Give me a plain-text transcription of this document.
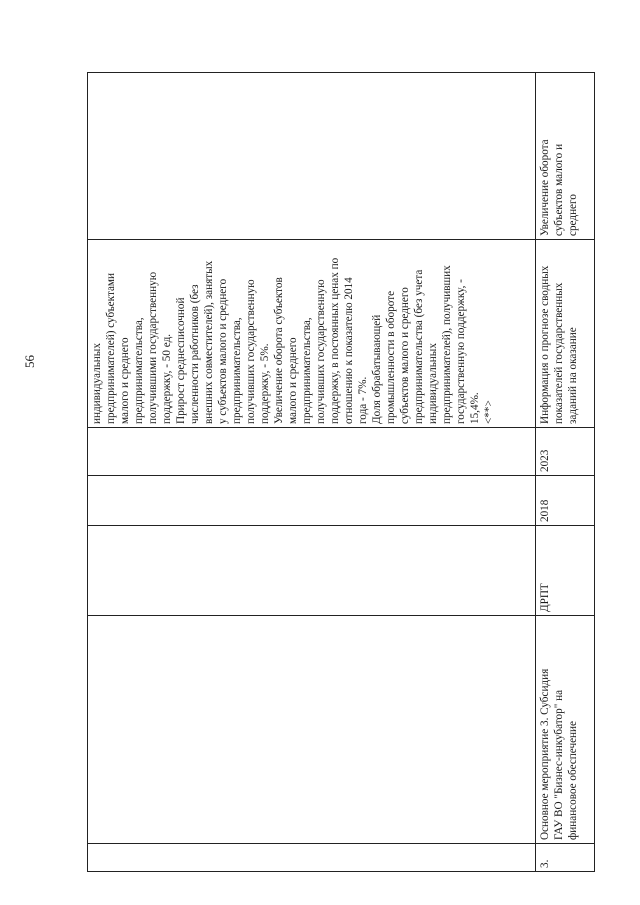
56	индивидуальных предпринимателей) субъектами малого и среднего предпринимательства, получившими государственную поддержку, - 50 ед. Прирост среднесписочной численности работников (без внешних совместителей), занятых у субъектов малого и среднего предпринимательства, получивших государственную поддержку, - 5%. Увеличение оборота субъектов малого и среднего предпринимательства, получивших государственную поддержку, в постоянных ценах по отношению к показателю 2014 года - 7%. Доля обрабатывающей промышленности в обороте субъектов малого и среднего предпринимательства (без учета индивидуальных предпринимателей), получивших государственную поддержку, - 15,4%. <**>
3.
Основное мероприятие 3. Субсидия ГАУ ВО "Бизнес-инкубатор" на финансовое обеспечение
ДРПТ
2018
2023
Информация о прогнозе сводных показателей государственных заданий на оказание
Увеличение оборота субъектов малого и среднего
